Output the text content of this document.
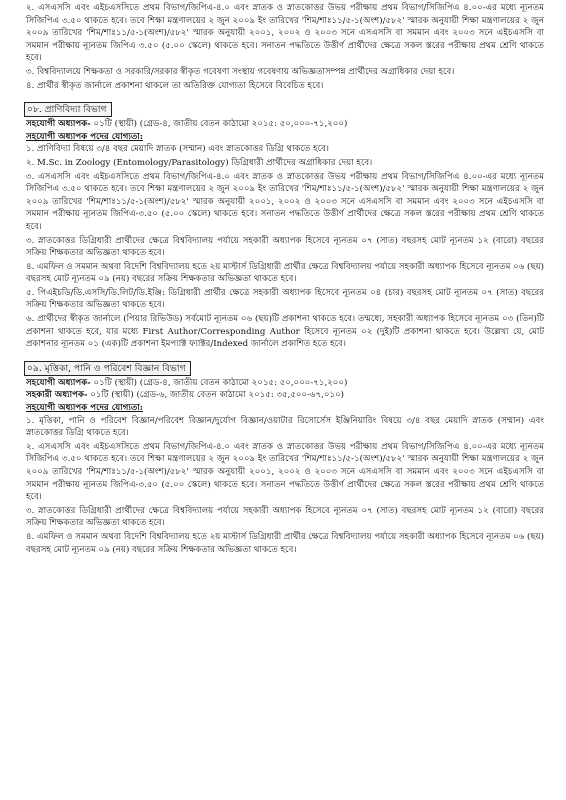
২. এসএসসি এবং এইচএসসিতে প্রথম বিভাগ/জিপিএ-৪.০ এবং স্নাতক ও স্নাতকোত্তর উভয় পরীক্ষায় প্রথম বিভাগ/সিজিপিএ ৪.০০-এর মধ্যে ন্যূনতম সিজিপিএ ৩.৫০ থাকতে হবে। তবে শিক্ষা মন্ত্রণালয়ের ২ জুন ২০০৯ ইং তারিখের 'শিম/শাঃ১১/৫-১(অংশ)/৫৮২' স্মারক অনুযায়ী শিক্ষা মন্ত্রণালয়ের ২ জুন ২০০৯ তারিখের 'শিম/শাঃ১১/৫-১(অংশ)/৫৮২' স্মারক অনুযায়ী ২০০১, ২০০২ ও ২০০৩ সনে এসএসসি বা সমমান এবং ২০০৩ সনে এইচএসসি বা সমমান পরীক্ষায় ন্যূনতম জিপিএ ৩.৫০ (৫.০০ স্কেলে) থাকতে হবে। সনাতন পদ্ধতিতে উত্তীর্ণ প্রার্থীদের ক্ষেত্রে সকল স্তরের পরীক্ষায় প্রথম শ্রেণি থাকতে হবে।

৩. বিশ্ববিদ্যালয়ে শিক্ষকতা ও সরকারি/সরকার স্বীকৃত গবেষণা সংস্থায় গবেষণায় অভিজ্ঞতাসম্পন্ন প্রার্থীদের অগ্রাধিকার দেয়া হবে।

৪. প্রার্থীর স্বীকৃত জার্নালে প্রকাশনা থাকলে তা অতিরিক্ত যোগ্যতা হিসেবে বিবেচিত হবে।

০৮. প্রাণিবিদ্যা বিভাগ

সহযোগী অধ্যাপক- ০১টি (স্থায়ী) (গ্রেড-৪, জাতীয় বেতন কাঠামো ২০১৫: ৫০,০০০-৭১,২০০)

সহযোগী অধ্যাপক পদের যোগ্যতা:

১. প্রাণিবিদ্যা বিষয়ে ৩/৪ বছর মেয়াদি স্নাতক (সম্মান) এবং স্নাতকোত্তর ডিগ্রি থাকতে হবে।

২. M.Sc. in Zoology (Entomology/Parasitology) ডিগ্রিধারী প্রার্থীদের অগ্রাধিকার দেয়া হবে।

৩. এসএসসি এবং এইচএসসিতে প্রথম বিভাগ/জিপিএ-৪.০ এবং স্নাতক ও স্নাতকোত্তর উভয় পরীক্ষায় প্রথম বিভাগ/সিজিপিএ ৪.০০-এর মধ্যে ন্যূনতম সিজিপিএ ৩.৫০ থাকতে হবে। তবে শিক্ষা মন্ত্রণালয়ের ২ জুন ২০০৯ ইং তারিখের 'শিম/শাঃ১১/৫-১(অংশ)/৫৮২' স্মারক অনুযায়ী শিক্ষা মন্ত্রণালয়ের ২ জুন ২০০৯ তারিখের 'শিম/শাঃ১১/৫-১(অংশ)/৫৮২' স্মারক অনুযায়ী ২০০১, ২০০২ ও ২০০৩ সনে এসএসসি বা সমমান এবং ২০০৩ সনে এইচএসসি বা সমমান পরীক্ষায় ন্যূনতম জিপিএ-৩.৫০ (৫.০০ স্কেলে) থাকতে হবে। সনাতন পদ্ধতিতে উত্তীর্ণ প্রার্থীদের ক্ষেত্রে সকল স্তরের পরীক্ষায় প্রথম শ্রেণি থাকতে হবে।

৩. স্নাতকোত্তর ডিগ্রিধারী প্রার্থীদের ক্ষেত্রে বিশ্ববিদ্যালয় পর্যায়ে সহকারী অধ্যাপক হিসেবে ন্যূনতম ০৭ (সাত) বছরসহ মোট ন্যূনতম ১২ (বারো) বছরের সক্রিয় শিক্ষকতার অভিজ্ঞতা থাকতে হবে।

৪. এমফিল ও সমমান অথবা বিদেশি বিশ্ববিদ্যালয় হতে ২য় মাস্টার্স ডিগ্রিধারী প্রার্থীর ক্ষেত্রে বিশ্ববিদ্যালয় পর্যায়ে সহকারী অধ্যাপক হিসেবে ন্যূনতম ০৬ (ছয়) বছরসহ মোট ন্যূনতম ০৯ (নয়) বছরের সক্রিয় শিক্ষকতার অভিজ্ঞতা থাকতে হবে।

৫. পিএইচডি/ডি.এসসি/ডি.লিট/ডি.ইঞ্জি: ডিগ্রিধারী প্রার্থীর ক্ষেত্রে সহকারী অধ্যাপক হিসেবে ন্যূনতম ০৪ (চার) বছরসহ মোট ন্যূনতম ০৭ (সাত) বছরের সক্রিয় শিক্ষকতার অভিজ্ঞতা থাকতে হবে।

৬. প্রার্থীদের স্বীকৃত জার্নালে (পিয়ার রিভিউড) সর্বমোট ন্যূনতম ০৬ (ছয়)টি প্রকাশনা থাকতে হবে। তন্মধ্যে, সহকারী অধ্যাপক হিসেবে ন্যূনতম ০৩ (তিন)টি প্রকাশনা থাকতে হবে, যার মধ্যে First Author/Corresponding Author হিসেবে ন্যূনতম ০২ (দুই)টি প্রকাশনা থাকতে হবে। উল্লেখ্য যে, মোট প্রকাশনার ন্যূনতম ০১ (এক)টি প্রকাশনা ইমপ্যাক্ট ফ্যাক্টর/Indexed জার্নালে প্রকাশিত হতে হবে।

০৯. মৃত্তিকা, পানি ও পরিবেশ বিজ্ঞান বিভাগ

সহযোগী অধ্যাপক- ০১টি (স্থায়ী) (গ্রেড-৪, জাতীয় বেতন কাঠামো ২০১৫: ৫০,০০০-৭১,২০০)

সহকারী অধ্যাপক- ০১টি (স্থায়ী) (গ্রেড-৬, জাতীয় বেতন কাঠামো ২০১৫: ৩৫,৫০০-৬৭,০১০)

সহযোগী অধ্যাপক পদের যোগ্যতা:

১. মৃত্তিকা, পানি ও পরিবেশ বিজ্ঞান/পরিবেশ বিজ্ঞান/দুর্যোগ বিজ্ঞান/ওয়াটার রিসোর্সেস ইঞ্জিনিয়ারিং বিষয়ে ৩/৪ বছর মেয়াদি স্নাতক (সম্মান) এবং স্নাতকোত্তর ডিগ্রি থাকতে হবে।

২. এসএসসি এবং এইচএসসিতে প্রথম বিভাগ/জিপিএ-৪.০ এবং স্নাতক ও স্নাতকোত্তর উভয় পরীক্ষায় প্রথম বিভাগ/সিজিপিএ ৪.০০-এর মধ্যে ন্যূনতম সিজিপিএ ৩.৫০ থাকতে হবে। তবে শিক্ষা মন্ত্রণালয়ের ২ জুন ২০০৯ ইং তারিখের 'শিম/শাঃ১১/৫-১(অংশ)/৫৮২' স্মারক অনুযায়ী শিক্ষা মন্ত্রণালয়ের ২ জুন ২০০৯ তারিখের 'শিম/শাঃ১১/৫-১(অংশ)/৫৮২' স্মারক অনুযায়ী ২০০১, ২০০২ ও ২০০৩ সনে এসএসসি বা সমমান এবং ২০০৩ সনে এইচএসসি বা সমমান পরীক্ষায় ন্যূনতম জিপিএ-৩.৫০ (৫.০০ স্কেলে) থাকতে হবে। সনাতন পদ্ধতিতে উত্তীর্ণ প্রার্থীদের ক্ষেত্রে সকল স্তরের পরীক্ষায় প্রথম শ্রেণি থাকতে হবে।

৩. স্নাতকোত্তর ডিগ্রিধারী প্রার্থীদের ক্ষেত্রে বিশ্ববিদ্যালয় পর্যায়ে সহকারী অধ্যাপক হিসেবে ন্যূনতম ০৭ (সাত) বছরসহ মোট ন্যূনতম ১২ (বারো) বছরের সক্রিয় শিক্ষকতার অভিজ্ঞতা থাকতে হবে।

৪. এমফিল ও সমমান অথবা বিদেশি বিশ্ববিদ্যালয় হতে ২য় মাস্টার্স ডিগ্রিধারী প্রার্থীর ক্ষেত্রে বিশ্ববিদ্যালয় পর্যায়ে সহকারী অধ্যাপক হিসেবে ন্যূনতম ০৬ (ছয়) বছরসহ মোট ন্যূনতম ০৯ (নয়) বছরের সক্রিয় শিক্ষকতার অভিজ্ঞতা থাকতে হবে।
